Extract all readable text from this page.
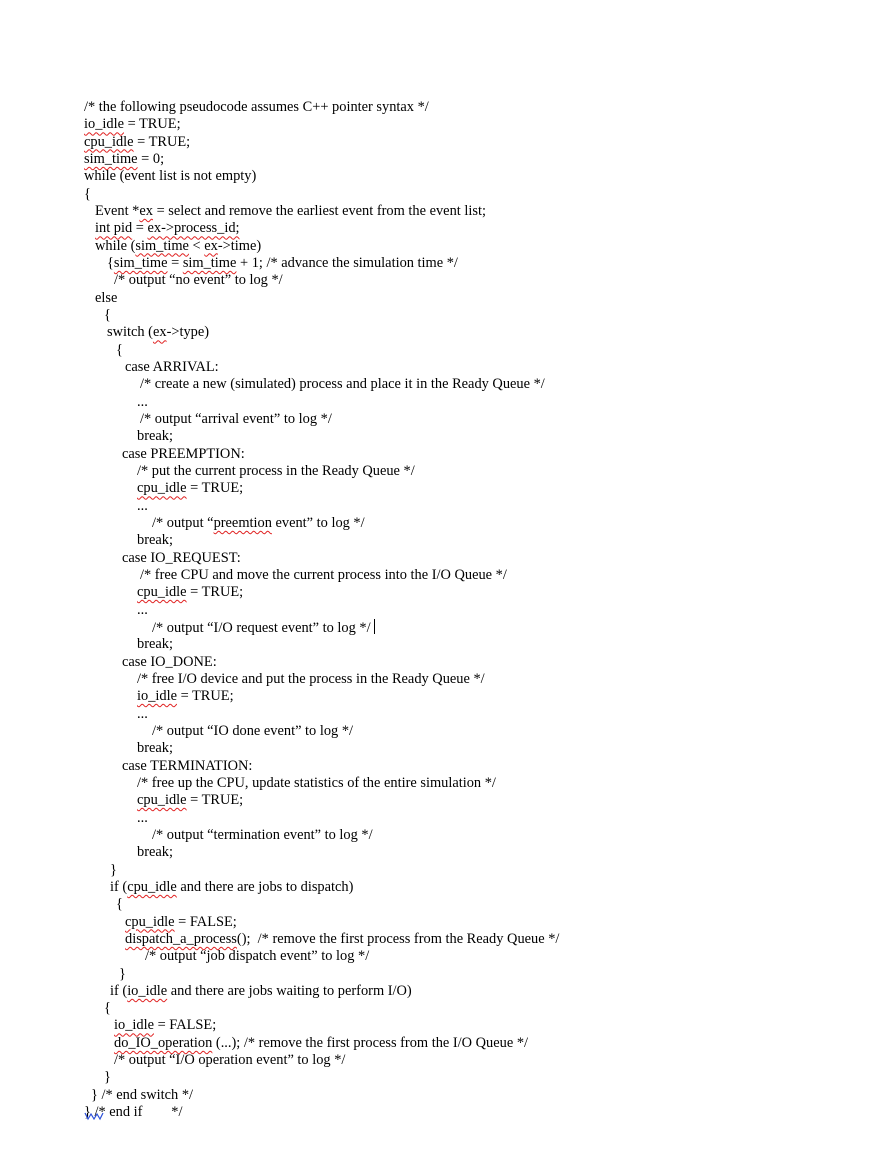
/* the following pseudocode assumes C++ pointer syntax */
io_idle = TRUE;
cpu_idle = TRUE;
sim_time = 0;
while (event list is not empty)
{
Event *ex = select and remove the earliest event from the event list;
int pid = ex->process_id;
while (sim_time < ex->time)
{sim_time = sim_time + 1; /* advance the simulation time */
/* output “no event” to log */
else
{
switch (ex->type)
{
case ARRIVAL:
/* create a new (simulated) process and place it in the Ready Queue */
...
/* output “arrival event” to log */
break;
case PREEMPTION:
/* put the current process in the Ready Queue */
cpu_idle = TRUE;
...
/* output “preemtion event” to log */
break;
case IO_REQUEST:
/* free CPU and move the current process into the I/O Queue */
cpu_idle = TRUE;
...
/* output “I/O request event” to log */
break;
case IO_DONE:
/* free I/O device and put the process in the Ready Queue */
io_idle = TRUE;
...
/* output “IO done event” to log */
break;
case TERMINATION:
/* free up the CPU, update statistics of the entire simulation */
cpu_idle = TRUE;
...
/* output “termination event” to log */
break;
}
if (cpu_idle and there are jobs to dispatch)
{
cpu_idle = FALSE;
dispatch_a_process();  /* remove the first process from the Ready Queue */
/* output “job dispatch event” to log */
}
if (io_idle and there are jobs waiting to perform I/O)
{
io_idle = FALSE;
do_IO_operation (...); /* remove the first process from the I/O Queue */
/* output “I/O operation event” to log */
}
} /* end switch */
} /* end if        */
